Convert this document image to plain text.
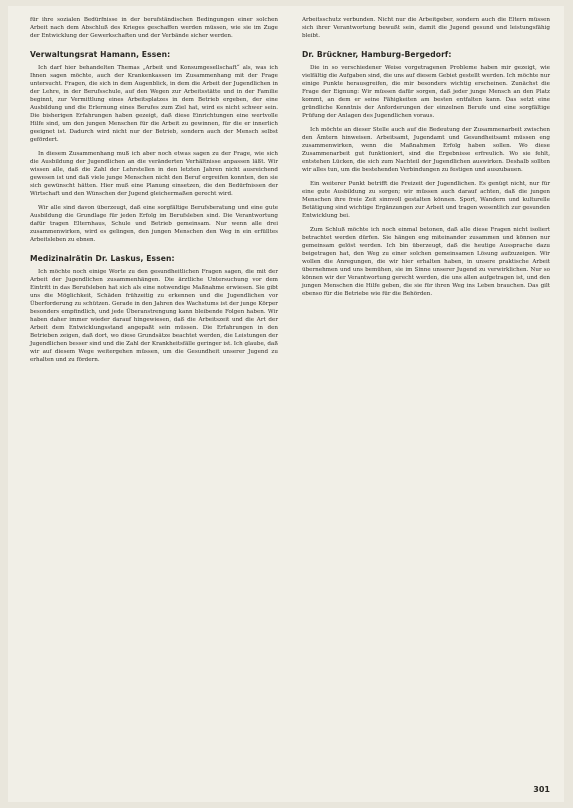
für ihre sozialen Bedürfnisse in der berufständischen Bedingungen einer solchen Arbeit nach dem Abschluß des Krieges geschaffen werden müssen, wie sie im Zuge der Entwicklung der Gewerkschaften und der Verbände sicher werden.

Verwaltungsrat Hamann, Essen:

Ich darf hier behandelten Themas „Arbeit und Konsumgesellschaft“ als, was ich Ihnen sagen möchte, auch der Krankenkassen im Zusammenhang mit der Frage untersucht. Fragen, die sich in dem Augenblick, in dem die Arbeit der Jugendlichen in der Lehre, in der Berufsschule, auf den Wegen zur Arbeitsstätte und in der Familie beginnt, zur Vermittlung eines Arbeitsplatzes in dem Betrieb ergeben, der eine Ausbildung und die Erlernung eines Berufes zum Ziel hat, wird es nicht schwer sein. Die bisherigen Erfahrungen haben gezeigt, daß diese Einrichtungen eine wertvolle Hilfe sind, um den jungen Menschen für die Arbeit zu gewinnen, für die er innerlich geeignet ist. Dadurch wird nicht nur der Betrieb, sondern auch der Mensch selbst gefördert.

In diesem Zusammenhang muß ich aber noch etwas sagen zu der Frage, wie sich die Ausbildung der Jugendlichen an die veränderten Verhältnisse anpassen läßt. Wir wissen alle, daß die Zahl der Lehrstellen in den letzten Jahren nicht ausreichend gewesen ist und daß viele junge Menschen nicht den Beruf ergreifen konnten, den sie sich gewünscht hätten. Hier muß eine Planung einsetzen, die den Bedürfnissen der Wirtschaft und den Wünschen der Jugend gleichermaßen gerecht wird.

Wir alle sind davon überzeugt, daß eine sorgfältige Berufsberatung und eine gute Ausbildung die Grundlage für jeden Erfolg im Berufsleben sind. Die Verantwortung dafür tragen Elternhaus, Schule und Betrieb gemeinsam. Nur wenn alle drei zusammenwirken, wird es gelingen, den jungen Menschen den Weg in ein erfülltes Arbeitsleben zu ebnen.

Medizinalrätin Dr. Laskus, Essen:

Ich möchte noch einige Worte zu den gesundheitlichen Fragen sagen, die mit der Arbeit der Jugendlichen zusammenhängen. Die ärztliche Untersuchung vor dem Eintritt in das Berufsleben hat sich als eine notwendige Maßnahme erwiesen. Sie gibt uns die Möglichkeit, Schäden frühzeitig zu erkennen und die Jugendlichen vor Überforderung zu schützen. Gerade in den Jahren des Wachstums ist der junge Körper besonders empfindlich, und jede Überanstrengung kann bleibende Folgen haben. Wir haben daher immer wieder darauf hingewiesen, daß die Arbeitszeit und die Art der Arbeit dem Entwicklungsstand angepaßt sein müssen. Die Erfahrungen in den Betrieben zeigen, daß dort, wo diese Grundsätze beachtet werden, die Leistungen der Jugendlichen besser sind und die Zahl der Krankheitsfälle geringer ist. Ich glaube, daß wir auf diesem Wege weitergehen müssen, um die Gesundheit unserer Jugend zu erhalten und zu fördern.

Arbeitsschutz verbunden. Nicht nur die Arbeitgeber, sondern auch die Eltern müssen sich ihrer Verantwortung bewußt sein, damit die Jugend gesund und leistungsfähig bleibt.

Dr. Brückner, Hamburg-Bergedorf:

Die in so verschiedener Weise vorgetragenen Probleme haben mir gezeigt, wie vielfältig die Aufgaben sind, die uns auf diesem Gebiet gestellt werden. Ich möchte nur einige Punkte herausgreifen, die mir besonders wichtig erscheinen. Zunächst die Frage der Eignung: Wir müssen dafür sorgen, daß jeder junge Mensch an den Platz kommt, an dem er seine Fähigkeiten am besten entfalten kann. Das setzt eine gründliche Kenntnis der Anforderungen der einzelnen Berufe und eine sorgfältige Prüfung der Anlagen des Jugendlichen voraus.

Ich möchte an dieser Stelle auch auf die Bedeutung der Zusammenarbeit zwischen den Ämtern hinweisen. Arbeitsamt, Jugendamt und Gesundheitsamt müssen eng zusammenwirken, wenn die Maßnahmen Erfolg haben sollen. Wo diese Zusammenarbeit gut funktioniert, sind die Ergebnisse erfreulich. Wo sie fehlt, entstehen Lücken, die sich zum Nachteil der Jugendlichen auswirken. Deshalb sollten wir alles tun, um die bestehenden Verbindungen zu festigen und auszubauen.

Ein weiterer Punkt betrifft die Freizeit der Jugendlichen. Es genügt nicht, nur für eine gute Ausbildung zu sorgen; wir müssen auch darauf achten, daß die jungen Menschen ihre freie Zeit sinnvoll gestalten können. Sport, Wandern und kulturelle Betätigung sind wichtige Ergänzungen zur Arbeit und tragen wesentlich zur gesunden Entwicklung bei.

Zum Schluß möchte ich noch einmal betonen, daß alle diese Fragen nicht isoliert betrachtet werden dürfen. Sie hängen eng miteinander zusammen und können nur gemeinsam gelöst werden. Ich bin überzeugt, daß die heutige Aussprache dazu beigetragen hat, den Weg zu einer solchen gemeinsamen Lösung aufzuzeigen. Wir wollen die Anregungen, die wir hier erhalten haben, in unsere praktische Arbeit übernehmen und uns bemühen, sie im Sinne unserer Jugend zu verwirklichen. Nur so können wir der Verantwortung gerecht werden, die uns allen aufgetragen ist, und den jungen Menschen die Hilfe geben, die sie für ihren Weg ins Leben brauchen. Das gilt ebenso für die Betriebe wie für die Behörden.

301
